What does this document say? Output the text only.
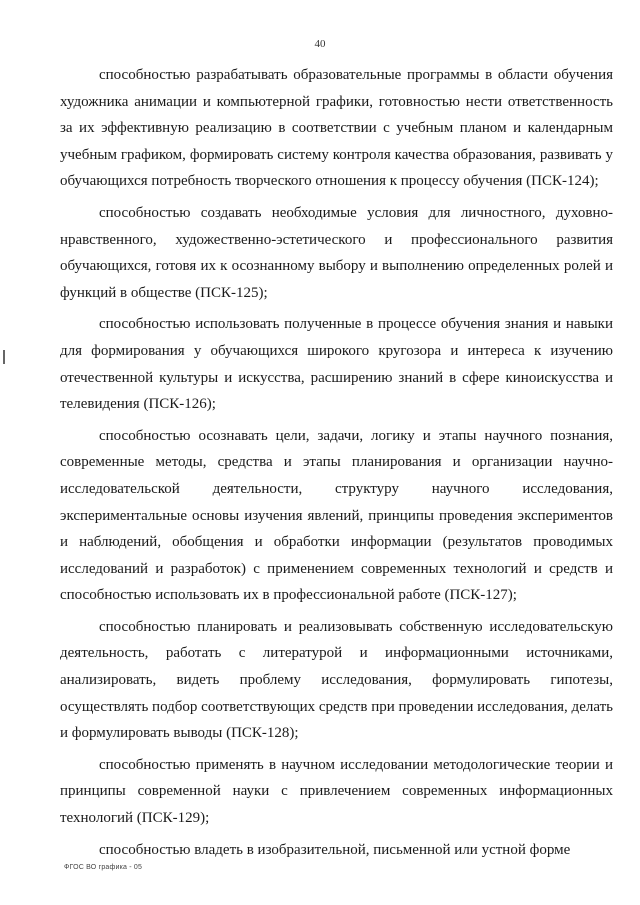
40

способностью разрабатывать образовательные программы в области обучения художника анимации и компьютерной графики, готовностью нести ответственность за их эффективную реализацию в соответствии с учебным планом и календарным учебным графиком, формировать систему контроля качества образования, развивать у обучающихся потребность творческого отношения к процессу обучения (ПСК-124);

способностью создавать необходимые условия для личностного, духовно-нравственного, художественно-эстетического и профессионального развития обучающихся, готовя их к осознанному выбору и выполнению определенных ролей и функций в обществе (ПСК-125);

способностью использовать полученные в процессе обучения знания и навыки для формирования у обучающихся широкого кругозора и интереса к изучению отечественной культуры и искусства, расширению знаний в сфере киноискусства и телевидения (ПСК-126);

способностью осознавать цели, задачи, логику и этапы научного познания, современные методы, средства и этапы планирования и организации научно-исследовательской деятельности, структуру научного исследования, экспериментальные основы изучения явлений, принципы проведения экспериментов и наблюдений, обобщения и обработки информации (результатов проводимых исследований и разработок) с применением современных технологий и средств и способностью использовать их в профессиональной работе (ПСК-127);

способностью планировать и реализовывать собственную исследовательскую деятельность, работать с литературой и информационными источниками, анализировать, видеть проблему исследования, формулировать гипотезы, осуществлять подбор соответствующих средств при проведении исследования, делать и формулировать выводы (ПСК-128);

способностью применять в научном исследовании методологические теории и принципы современной науки с привлечением современных информационных технологий (ПСК-129);

способностью владеть в изобразительной, письменной или устной форме

ФГОС ВО графика - 05
